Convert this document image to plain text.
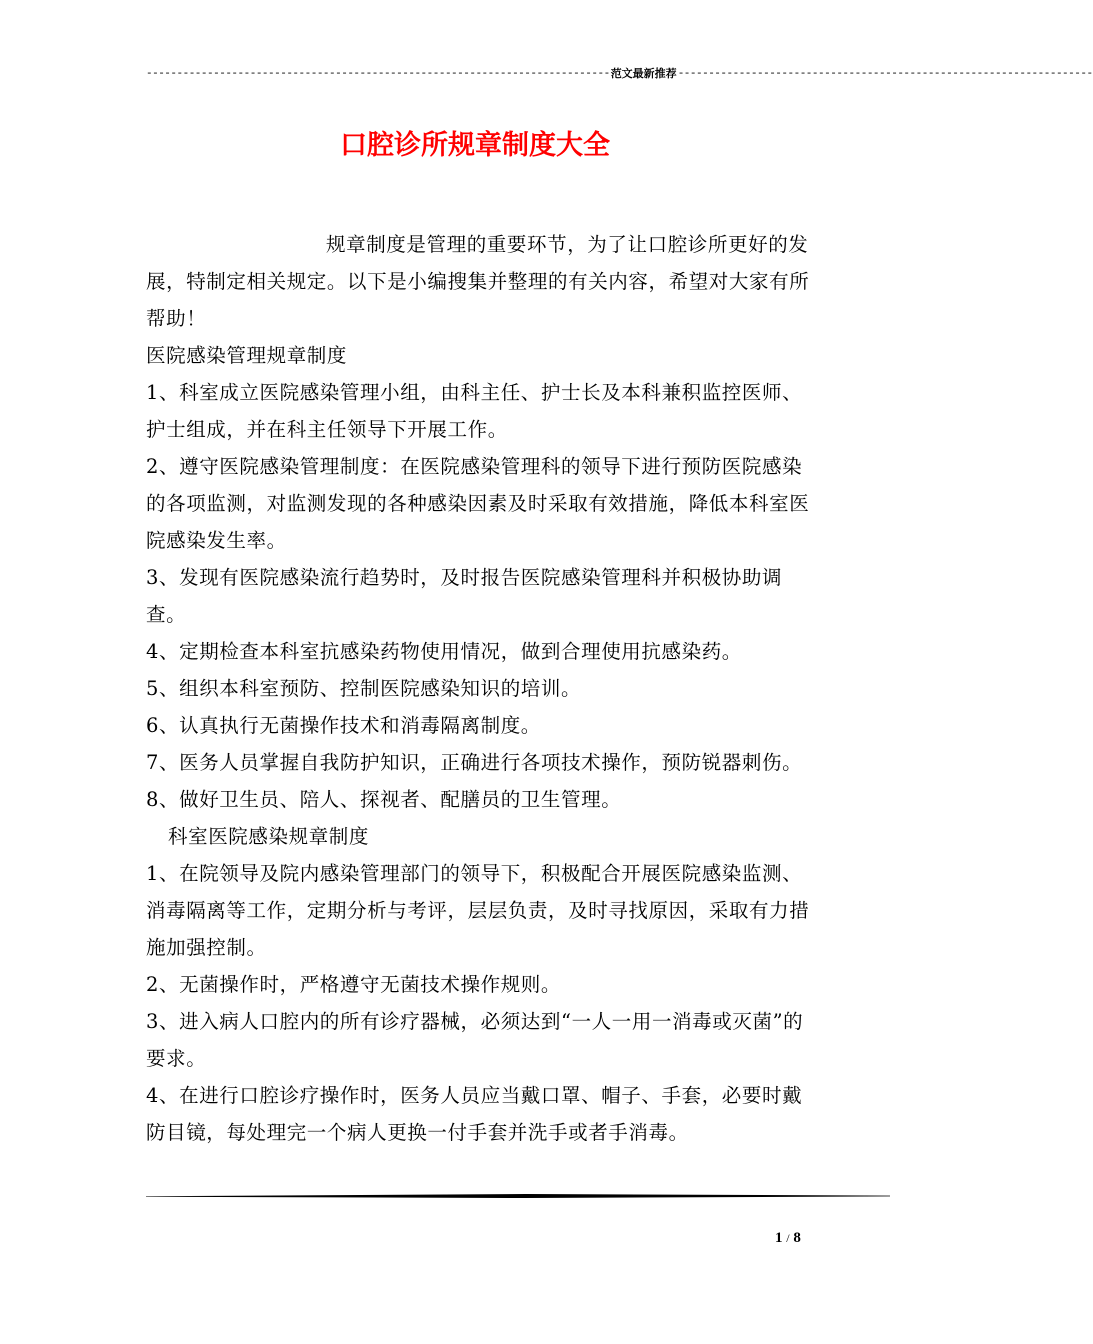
---------------------------------------------------------------------------- 范文最新推荐 --------------------------------------------------------------------
口腔诊所规章制度大全

规章制度是管理的重要环节，为了让口腔诊所更好的发展，特制定相关规定。以下是小编搜集并整理的有关内容，希望对大家有所帮助！

医院感染管理规章制度

1、科室成立医院感染管理小组，由科主任、护士长及本科兼积监控医师、护士组成，并在科主任领导下开展工作。

2、遵守医院感染管理制度：在医院感染管理科的领导下进行预防医院感染的各项监测，对监测发现的各种感染因素及时采取有效措施，降低本科室医院感染发生率。

3、发现有医院感染流行趋势时，及时报告医院感染管理科并积极协助调查。

4、定期检查本科室抗感染药物使用情况，做到合理使用抗感染药。

5、组织本科室预防、控制医院感染知识的培训。

6、认真执行无菌操作技术和消毒隔离制度。

7、医务人员掌握自我防护知识，正确进行各项技术操作，预防锐器刺伤。

8、做好卫生员、陪人、探视者、配膳员的卫生管理。

科室医院感染规章制度

1、在院领导及院内感染管理部门的领导下，积极配合开展医院感染监测、消毒隔离等工作，定期分析与考评，层层负责，及时寻找原因，采取有力措施加强控制。

2、无菌操作时，严格遵守无菌技术操作规则。

3、进入病人口腔内的所有诊疗器械，必须达到“一人一用一消毒或灭菌”的要求。

4、在进行口腔诊疗操作时，医务人员应当戴口罩、帽子、手套，必要时戴防目镜，每处理完一个病人更换一付手套并洗手或者手消毒。

1 / 8
